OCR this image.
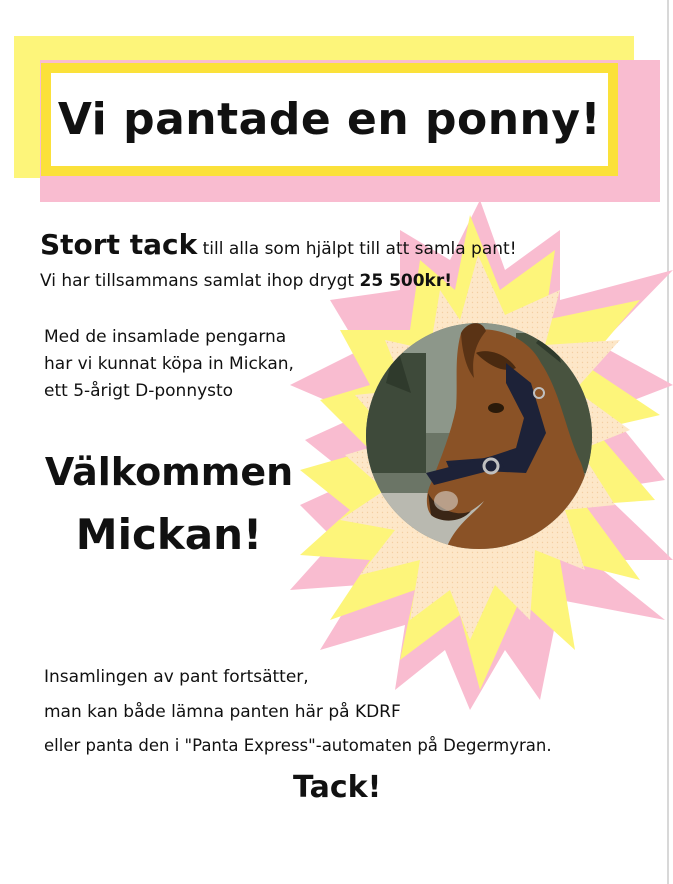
Vi pantade en ponny!
Stort tack till alla som hjälpt till att samla pant!
Vi har tillsammans samlat ihop drygt 25 500kr!
Med de insamlade pengarna
har vi kunnat köpa in Mickan,
ett 5-årigt D-ponnysto
Välkommen
Mickan!
Insamlingen av pant fortsätter,
man kan både lämna panten här på KDRF
eller panta den i "Panta Express"-automaten på Degermyran.
Tack!
